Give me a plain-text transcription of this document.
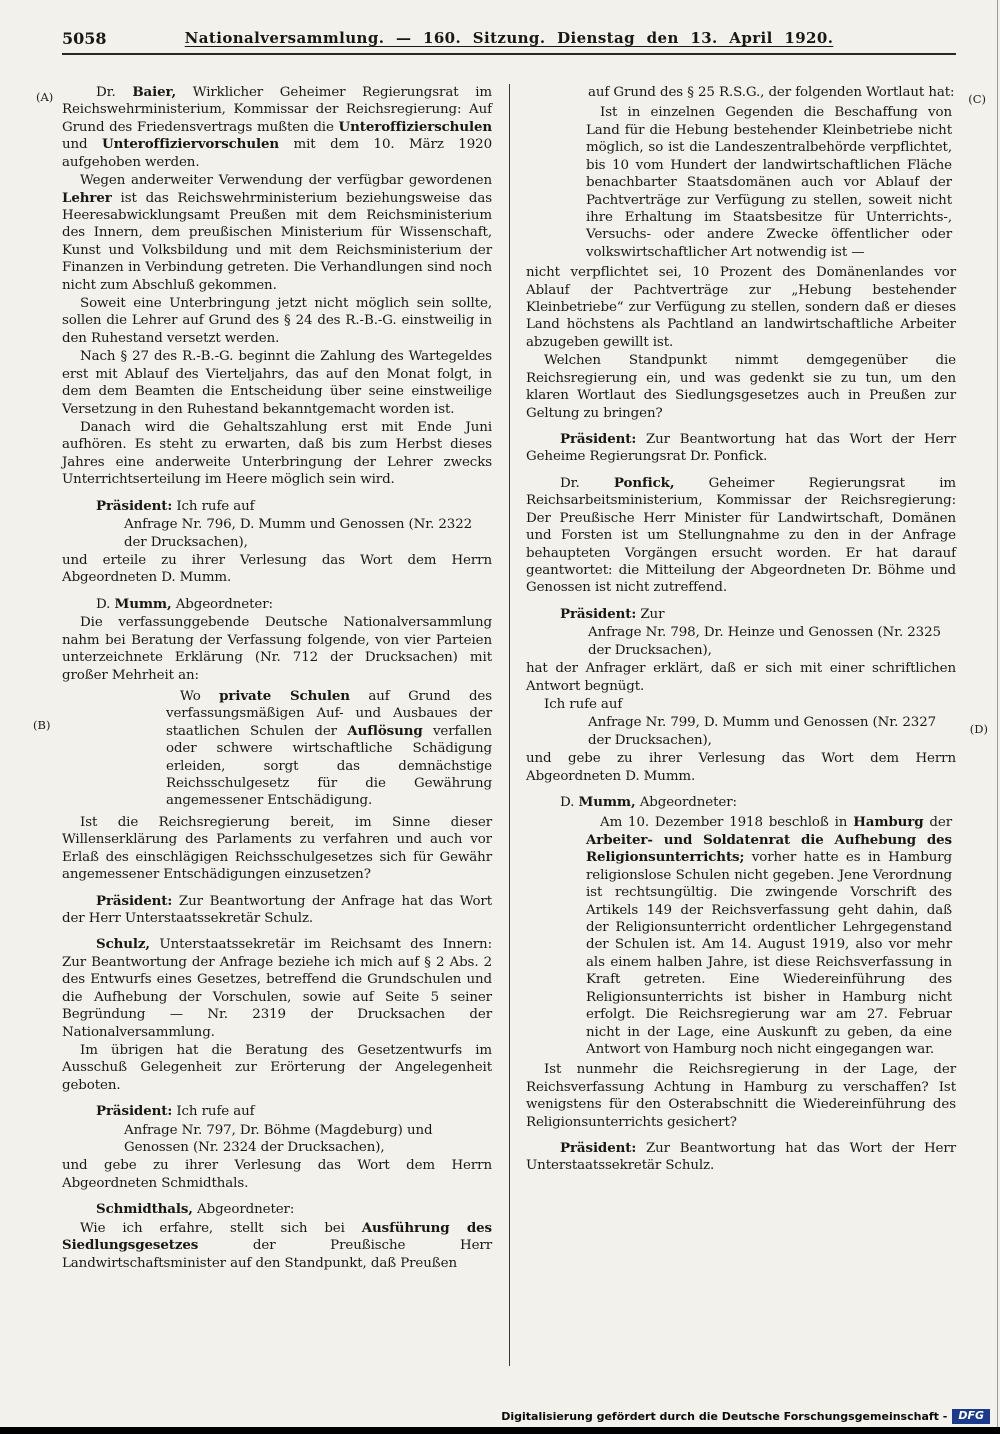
5058	Nationalversammlung. — 160. Sitzung. Dienstag den 13. April 1920.
(A)
(B)
(C)
(D)

Dr. Baier, Wirklicher Geheimer Regierungsrat im Reichswehrministerium, Kommissar der Reichsregierung: Auf Grund des Friedensvertrags mußten die Unteroffizierschulen und Unteroffiziervorschulen mit dem 10. März 1920 aufgehoben werden.

Wegen anderweiter Verwendung der verfügbar gewordenen Lehrer ist das Reichswehrministerium beziehungsweise das Heeresabwicklungsamt Preußen mit dem Reichsministerium des Innern, dem preußischen Ministerium für Wissenschaft, Kunst und Volksbildung und mit dem Reichsministerium der Finanzen in Verbindung getreten. Die Verhandlungen sind noch nicht zum Abschluß gekommen.

Soweit eine Unterbringung jetzt nicht möglich sein sollte, sollen die Lehrer auf Grund des § 24 des R.-B.-G. einstweilig in den Ruhestand versetzt werden.

Nach § 27 des R.-B.-G. beginnt die Zahlung des Wartegeldes erst mit Ablauf des Vierteljahrs, das auf den Monat folgt, in dem dem Beamten die Entscheidung über seine einstweilige Versetzung in den Ruhestand bekanntgemacht worden ist.

Danach wird die Gehaltszahlung erst mit Ende Juni aufhören. Es steht zu erwarten, daß bis zum Herbst dieses Jahres eine anderweite Unterbringung der Lehrer zwecks Unterrichtserteilung im Heere möglich sein wird.

Präsident: Ich rufe auf

Anfrage Nr. 796, D. Mumm und Genossen (Nr. 2322 der Drucksachen),

und erteile zu ihrer Verlesung das Wort dem Herrn Abgeordneten D. Mumm.

D. Mumm, Abgeordneter:

Die verfassunggebende Deutsche Nationalversammlung nahm bei Beratung der Verfassung folgende, von vier Parteien unterzeichnete Erklärung (Nr. 712 der Drucksachen) mit großer Mehrheit an:

Wo private Schulen auf Grund des verfassungsmäßigen Auf- und Ausbaues der staatlichen Schulen der Auflösung verfallen oder schwere wirtschaftliche Schädigung erleiden, sorgt das demnächstige Reichsschulgesetz für die Gewährung angemessener Entschädigung.

Ist die Reichsregierung bereit, im Sinne dieser Willenserklärung des Parlaments zu verfahren und auch vor Erlaß des einschlägigen Reichsschulgesetzes sich für Gewähr angemessener Entschädigungen einzusetzen?

Präsident: Zur Beantwortung der Anfrage hat das Wort der Herr Unterstaatssekretär Schulz.

Schulz, Unterstaatssekretär im Reichsamt des Innern: Zur Beantwortung der Anfrage beziehe ich mich auf § 2 Abs. 2 des Entwurfs eines Gesetzes, betreffend die Grundschulen und die Aufhebung der Vorschulen, sowie auf Seite 5 seiner Begründung — Nr. 2319 der Drucksachen der Nationalversammlung.

Im übrigen hat die Beratung des Gesetzentwurfs im Ausschuß Gelegenheit zur Erörterung der Angelegenheit geboten.

Präsident: Ich rufe auf

Anfrage Nr. 797, Dr. Böhme (Magdeburg) und Genossen (Nr. 2324 der Drucksachen),

und gebe zu ihrer Verlesung das Wort dem Herrn Abgeordneten Schmidthals.

Schmidthals, Abgeordneter:

Wie ich erfahre, stellt sich bei Ausführung des Siedlungsgesetzes der Preußische Herr Landwirtschaftsminister auf den Standpunkt, daß Preußen

auf Grund des § 25 R.S.G., der folgenden Wortlaut hat:

Ist in einzelnen Gegenden die Beschaffung von Land für die Hebung bestehender Kleinbetriebe nicht möglich, so ist die Landeszentralbehörde verpflichtet, bis 10 vom Hundert der landwirtschaftlichen Fläche benachbarter Staatsdomänen auch vor Ablauf der Pachtverträge zur Verfügung zu stellen, soweit nicht ihre Erhaltung im Staatsbesitze für Unterrichts-, Versuchs- oder andere Zwecke öffentlicher oder volkswirtschaftlicher Art notwendig ist —

nicht verpflichtet sei, 10 Prozent des Domänenlandes vor Ablauf der Pachtverträge zur „Hebung bestehender Kleinbetriebe“ zur Verfügung zu stellen, sondern daß er dieses Land höchstens als Pachtland an landwirtschaftliche Arbeiter abzugeben gewillt ist.

Welchen Standpunkt nimmt demgegenüber die Reichsregierung ein, und was gedenkt sie zu tun, um den klaren Wortlaut des Siedlungsgesetzes auch in Preußen zur Geltung zu bringen?

Präsident: Zur Beantwortung hat das Wort der Herr Geheime Regierungsrat Dr. Ponfick.

Dr. Ponfick, Geheimer Regierungsrat im Reichsarbeitsministerium, Kommissar der Reichsregierung: Der Preußische Herr Minister für Landwirtschaft, Domänen und Forsten ist um Stellungnahme zu den in der Anfrage behaupteten Vorgängen ersucht worden. Er hat darauf geantwortet: die Mitteilung der Abgeordneten Dr. Böhme und Genossen ist nicht zutreffend.

Präsident: Zur

Anfrage Nr. 798, Dr. Heinze und Genossen (Nr. 2325 der Drucksachen),

hat der Anfrager erklärt, daß er sich mit einer schriftlichen Antwort begnügt.

Ich rufe auf

Anfrage Nr. 799, D. Mumm und Genossen (Nr. 2327 der Drucksachen),

und gebe zu ihrer Verlesung das Wort dem Herrn Abgeordneten D. Mumm.

D. Mumm, Abgeordneter:

Am 10. Dezember 1918 beschloß in Hamburg der Arbeiter- und Soldatenrat die Aufhebung des Religionsunterrichts; vorher hatte es in Hamburg religionslose Schulen nicht gegeben. Jene Verordnung ist rechtsungültig. Die zwingende Vorschrift des Artikels 149 der Reichsverfassung geht dahin, daß der Religionsunterricht ordentlicher Lehrgegenstand der Schulen ist. Am 14. August 1919, also vor mehr als einem halben Jahre, ist diese Reichsverfassung in Kraft getreten. Eine Wiedereinführung des Religionsunterrichts ist bisher in Hamburg nicht erfolgt. Die Reichsregierung war am 27. Februar nicht in der Lage, eine Auskunft zu geben, da eine Antwort von Hamburg noch nicht eingegangen war.

Ist nunmehr die Reichsregierung in der Lage, der Reichsverfassung Achtung in Hamburg zu verschaffen? Ist wenigstens für den Osterabschnitt die Wiedereinführung des Religionsunterrichts gesichert?

Präsident: Zur Beantwortung hat das Wort der Herr Unterstaatssekretär Schulz.

Digitalisierung gefördert durch die Deutsche Forschungsgemeinschaft -	DFG
